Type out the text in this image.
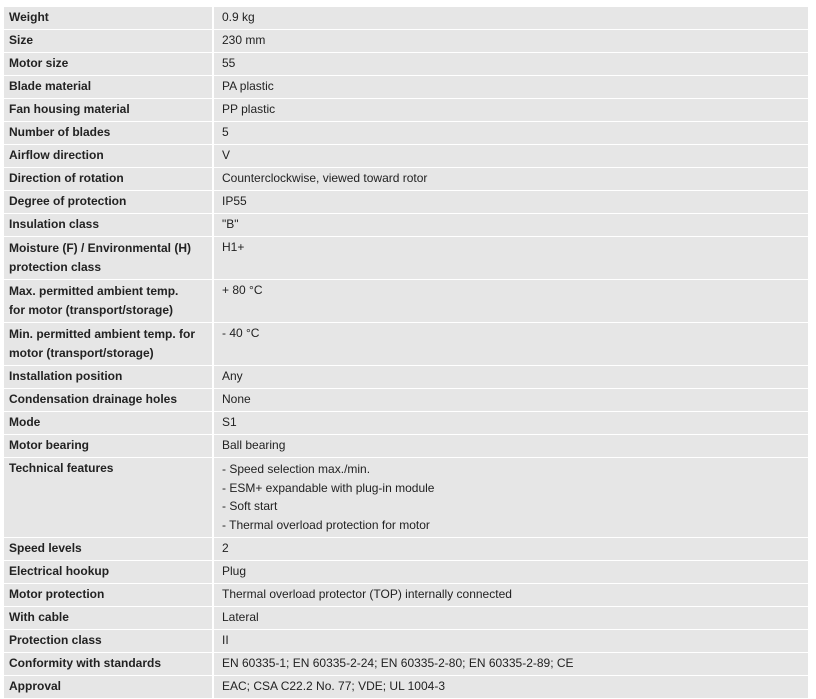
Weight	0.9 kg
Size	230 mm
Motor size	55
Blade material	PA plastic
Fan housing material	PP plastic
Number of blades	5
Airflow direction	V
Direction of rotation	Counterclockwise, viewed toward rotor
Degree of protection	IP55
Insulation class	"B"

Moisture (F) / Environmental (H)
protection class	H1+

Max. permitted ambient temp.
for motor (transport/storage)	+ 80 °C

Min. permitted ambient temp. for
motor (transport/storage)	- 40 °C
Installation position	Any
Condensation drainage holes	None
Mode	S1
Motor bearing	Ball bearing
Technical features	- Speed selection max./min.
- ESM+ expandable with plug-in module
- Soft start
- Thermal overload protection for motor

Speed levels	2
Electrical hookup	Plug
Motor protection	Thermal overload protector (TOP) internally connected
With cable	Lateral
Protection class	II
Conformity with standards	EN 60335-1; EN 60335-2-24; EN 60335-2-80; EN 60335-2-89; CE
Approval	EAC; CSA C22.2 No. 77; VDE; UL 1004-3
